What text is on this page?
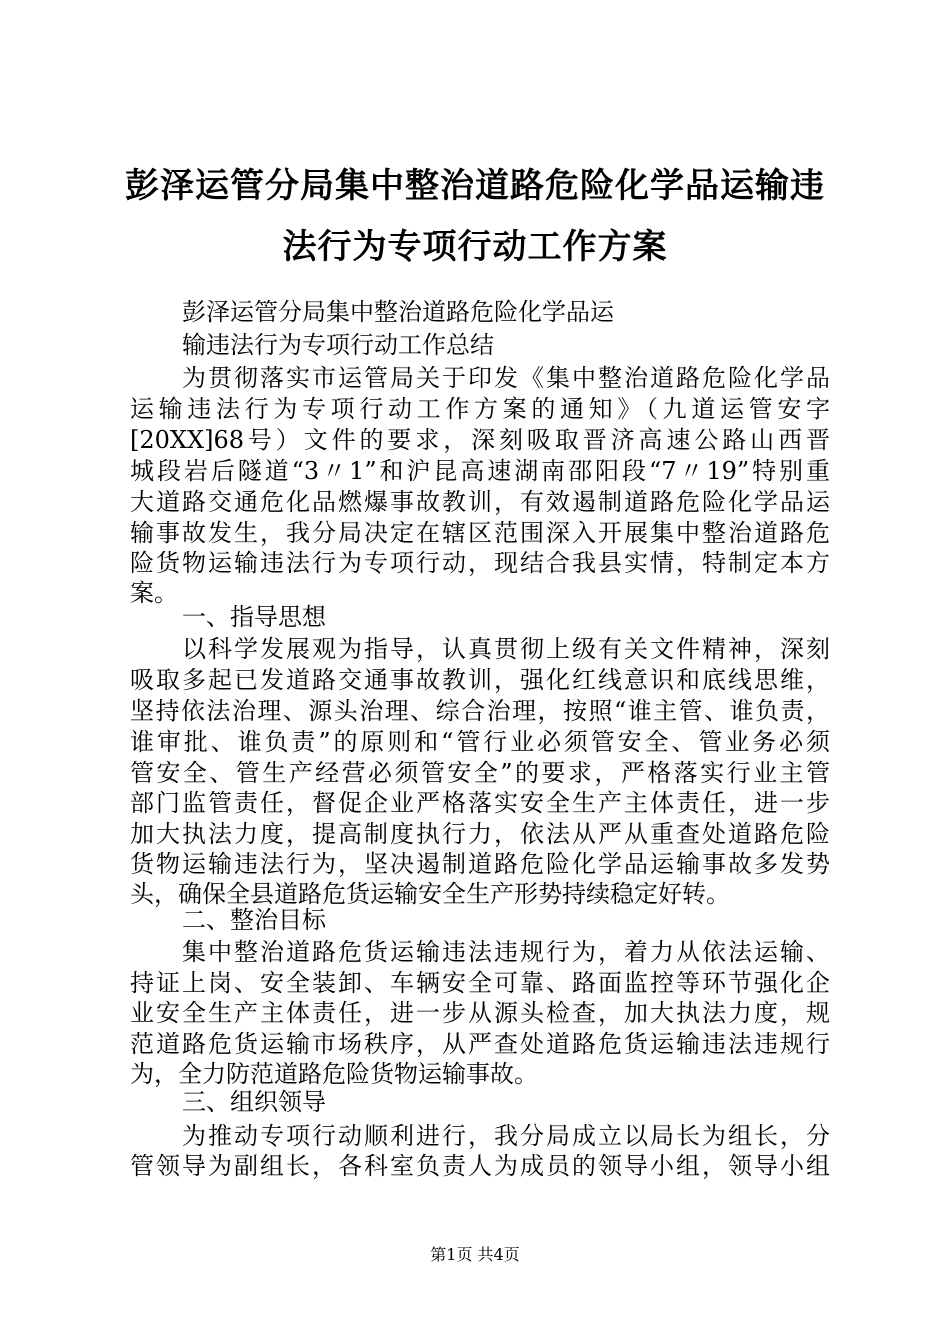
彭泽运管分局集中整治道路危险化学品运输违
法行为专项行动工作方案
彭泽运管分局集中整治道路危险化学品运
输违法行为专项行动工作总结
为贯彻落实市运管局关于印发《集中整治道路危险化学品
运输违法行为专项行动工作方案的通知》（九道运管安字
[20XX]68号）文件的要求，深刻吸取晋济高速公路山西晋
城段岩后隧道“3〃1”和沪昆高速湖南邵阳段“7〃19”特别重
大道路交通危化品燃爆事故教训，有效遏制道路危险化学品运
输事故发生，我分局决定在辖区范围深入开展集中整治道路危
险货物运输违法行为专项行动，现结合我县实情，特制定本方
案。
一、指导思想
以科学发展观为指导，认真贯彻上级有关文件精神，深刻
吸取多起已发道路交通事故教训，强化红线意识和底线思维，
坚持依法治理、源头治理、综合治理，按照“谁主管、谁负责，
谁审批、谁负责”的原则和“管行业必须管安全、管业务必须
管安全、管生产经营必须管安全”的要求，严格落实行业主管
部门监管责任，督促企业严格落实安全生产主体责任，进一步
加大执法力度，提高制度执行力，依法从严从重查处道路危险
货物运输违法行为，坚决遏制道路危险化学品运输事故多发势
头，确保全县道路危货运输安全生产形势持续稳定好转。
二、整治目标
集中整治道路危货运输违法违规行为，着力从依法运输、
持证上岗、安全装卸、车辆安全可靠、路面监控等环节强化企
业安全生产主体责任，进一步从源头检查，加大执法力度，规
范道路危货运输市场秩序，从严查处道路危货运输违法违规行
为，全力防范道路危险货物运输事故。
三、组织领导
为推动专项行动顺利进行，我分局成立以局长为组长，分
管领导为副组长，各科室负责人为成员的领导小组，领导小组
第1页 共4页
